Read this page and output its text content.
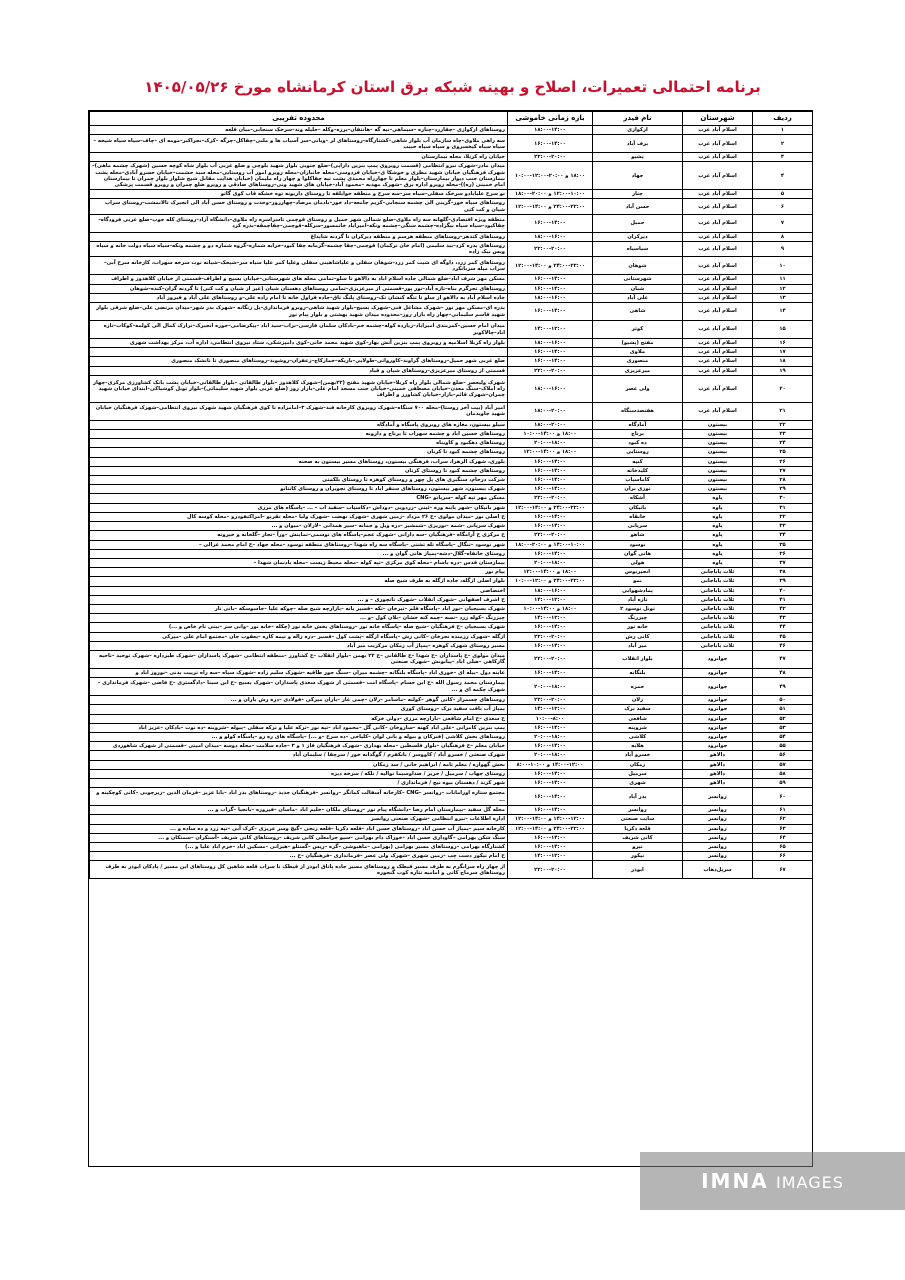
برنامه احتمالی تعمیرات، اصلاح و بهینه شبکه برق استان کرمانشاه مورخ ۱۴۰۵/۰۵/۲۶
ردیف	شهرستان	نام فیدر	بازه زمانی خاموشی	محدوده تقریبی
۱	اسلام آباد غرب	ارکوازی	۱۸:۰۰-۱۴:۰۰	روستاهای ارکوازی –چقاررد–چناره –سیماهی–نیه گه –هانتقان–برزه–وکله –جلیله وند–سرخک سنجابی–میان قلعه
۲	اسلام آباد غرب	برف آباد	۱۶:۰۰-۱۴:۰۰	سه راهی ملاوی–چاه سازمان آب بلوار شاهی–کشتارگاه–روستاهای لر –وبانی–سر آسیاب ها و ملتی–چقاکل–چرگه –کرک–نجراکبر–مومه ای –چاف–سیاه سیاه شیخه –سیاه سیاه کیخسروی و سیاه سیاه حبیب
۳	اسلام آباد غرب	پشیو	۲۲:۰۰-۲۰:۰۰	خیابان راه کربلا، محله بیمارستان
۴	اسلام آباد غرب	جهاد	۱۸:۰۰ و ۲۰:۰۰-۱۲:۰۰-۱۰:۰۰	میدان مادر–شهرک نیرو انتظامی (قسمت رویروی پمپ بنزین دارایی)–ضلع جنوبی بلوار شهید بلوچی و ضلع غربی آب بلوار شاه کوچه حسین (شهرک چشمه ماهی)–شهرک فرهنگیان خیابان شهید مطری و خوشکا ی–خیابان فردوسی–محله جانبازان–محله رویرو امور آب روستایی–محله سید حشمت–خیابان خسرو آبادی–محله پشت بیمارستان جنب دیوار بیمارستان–بلوار معلم تا چهارراه محمدی پشت تپه چقاکلوا و چهار راه ملیمان (خیابان هدایت مقابل شیخ شلوار بلوار چمران تا بیمارستان امام خمینی (ره))–محله رویرو اداره برق –شهرک مهدیه –محمود آباد–خیابان های شهید ونی–روستاهای صادقی و رویرو ضلع چمران و رویرو قسمت پزشکی
۵	اسلام آباد غرب	چنار	۱۲:۰۰-۱۰:۰۰ و ۲۰:۰۰-۱۸:۰۰	تو سرخ علیابادو سرخک سفلی–سیاه سر–سه سرخ و منطقه خوایلقه تا روستای داریونه توه خشکه قاب کوی گاتو
۶	اسلام آباد غرب	حسن آباد	۲۴:۰۰-۲۲:۰۰ و ۱۴:۰۰-۱۲:۰۰	روستاهای سیاه خور–گرینی الی چشمه سنجابی–کریم جامعه–داد خور–بادمان مرصاد–چهارزور–وحدت و روستای حسن آباد الی انجیرک تالانمشت–روستای سراب شیان و کت کنی
۷	اسلام آباد غرب	حمیل	۱۶:۰۰-۱۴:۰۰	منطقه ویژه اقتصادی–گلهانه سه راه ملاوی–ضلع شمالی شهر حمیل و روستای قوچمی تاسراسره راه ملاوی–دانشگاه آزاد–روستای کله جوب–ضلع غربی فرودگاه–چقاکبود–سیاه سیاه بیگزاده–چشمه سنگی–چشمه ونکه–امیراباد خانمسور–سرکله–قوچمی–چقاچمقه–بدره کرد
۸	اسلام آباد غرب	دیرکران	۱۸:۰۰-۱۶:۰۰	روستاهای کندهر–روستاهای منطقه هرسم و منطقه دیرکران تا گردنه شاپداغ
۹	اسلام آباد غرب	سیاسیاه	۲۲:۰۰-۲۰:۰۰	روستاهای بدره کرد–بید سلیمی (امام خان ترکمان) قوچمی–چقا چشمه–گرمابه چقا کبود–خرابه شماره–گروه شماره دو و چشمه ونکه–سیاه سیاه دولت خانه و سیاه ویس بیک زاده
۱۰	اسلام آباد غرب	شوهان	۲۴:۰۰-۲۲:۰۰ و ۱۴:۰۰-۱۲:۰۰	روستاهای کمر زرد، داوگه ای شیت کمر زرد–شوهان سفلی و علیاشاهینی سفلی وعلیا کمر علیا سیاه سر–شیخک–شیانه نوت سرخه سهراب، کارخانه سرخ آبی–سراب میله سربانکرد
۱۱	اسلام آباد غرب	شهرستانی	۱۶:۰۰-۱۴:۰۰	مسکن مهر شرف اباد–ضلع شمالی جاده اسلام اباد به دالاهو تا سلو–تمامی محله های شهرستانی–خیابان بسیج و اطراف–قسمتی از خیابان کلاهدوز و اطراف
۱۲	اسلام آباد غرب	شیان	۱۶:۰۰-۱۴:۰۰	روستاهای تجرگرم بناه–تازه آباد–نور پور–قسمتی از میرعزیزی–تمامی روستاهای دهستان شیان (غیر از شیان و کت کنی) تا گردنه گران–کنده–شوهان
۱۳	اسلام آباد غرب	علی آباد	۱۸:۰۰-۱۶:۰۰	جاده اسلام آباد به دالاهو از سلو تا تنگه کنشان تک–روستای پلنگ تاق–جاده قراول خانه تا امام زاده علی–و روستاهای علی آباد و فیروز آباد
۱۴	اسلام آباد غرب	شاهی	۱۶:۰۰-۱۴:۰۰	بدره ای–مسکن مهر نور –شهرک مشاغل فنی–شهرک بسیج–بلوار شهید شاهی–روبرو فرمانداری–پل زنگانه –شهرک بدر شهر–میدان مرتضی علی–ضلع شرقی بلوار شهید قاسم سلیمانی–چهار راه بازار روز–محدوده میدان شهید بهشتی و بلوار پیام نور
۱۵	اسلام آباد غرب	کوثر	۱۴:۰۰-۱۲:۰۰	میدان امام حسین–کمربندی امیراباد–زیارده کوله–چشمه خم–بادکان سلمان فارسی–نراب–سید اباد –پیکرضامی–حوزه انجیرک–نزارک کمال الی کولمه–کوکاب–تازه اباد–چالاکوبر
۱۶	اسلام آباد غرب	مفتح (پشیو)	۱۸:۰۰-۱۶:۰۰	بلوار راه کربلا اسلامیه و روبروی پمپ بنزین آتش بهار–کوی شهید محمد خانی–کوی دامپزشکی، ستاد نیروی انتظامی، اداره آب، مرکز بهداشت شهری
۱۷	اسلام آباد غرب	ملاوی	۱۶:۰۰-۱۴:۰۰	
۱۸	اسلام آباد غرب	منصوری	۱۶:۰۰-۱۴:۰۰	ضلع غربی شهر حمیل–روستاهای گراوند–کاورواتی–طولابی–باریکه–خمازکاج–زعفران–روشوند–روستاهای منصوری تا تانشک منصوری
۱۹	اسلام آباد غرب	میرعزیزی	۲۲:۰۰-۲۰:۰۰	قسمتی از روستای میرعزیزی–روستاهای شیان و قباد
۲۰	اسلام آباد غرب	ولی عصر	۱۸:۰۰-۱۶:۰۰	شهرک ولیعصر –ضلع شمالی بلوار راه کربلا–خیابان شهید مفتح (۲۲بهمن)–شهرک کلاهدوز –بلوار طالقانی –بلوار طالقانی–خیابان پشت بانک کشاورزی مرکزی–چهار راه املاک–سنگ معدن–خیابان مصطفی خمینی–خیابان جنب مسجد امام علی–بازار روز (ضلع غربی بلوار شهید سلیمانی)–بلوار تونل کوشیاکی–ابتدای خیابان شهید چمران–شهرک قائم–بازار–خیابان کشاورز و اطراف
۲۱	اسلام آباد غرب	هفتصدستگاه	۱۸:۰۰-۲۰:۰۰	امیر آباد (بیت آخر روستا)–محله ۷۰۰ ستگاه–شهرک رویروی کارخانه قند–شهرک ۳–امامزاده تا کوی فرهنگیان شهید شهرک نیروی انتظامی–شهرک فرهنگیان خیابان شهید جاویدمان
۲۲	بیستون	آمادگاه	۱۸:۰۰-۲۰:۰۰	سیلو بیستون، مغازه های روبروی پاسگاه و آمادگاه
۲۳	بیستون	برناج	۱۸:۰۰ و ۱۴:۰۰-۱۰:۰۰	روستاهای حسین اباد و چشمه سهراب تا برناج و دارونه
۲۴	بیستون	ده کبود	۲۰:۰۰-۱۸:۰۰	روستاهای دهکبود و کاویناه
۲۵	بیستون	روستایی	۱۸:۰۰ و ۱۴:۰۰-۱۲:۰۰	روستاهای چشمه کبود تا کرنان
۲۶	بیستون	کنیه	۱۶:۰۰-۱۴:۰۰	بلوری، شهرک الزهرا، سراب، فرهنگی بیستون، روستاهای مسیر بیستون به صحنه
۲۷	بیستون	کلیدخانه	۱۶:۰۰-۱۴:۰۰	روستاهای چشمه کبود تا روستای کرنان
۲۸	بیستون	کاماسیاب	۱۶:۰۰-۱۴:۰۰	شرکت درحام، سنگبری های پل چهر و روستای کوهزه تا روستای بلکمتی
۲۹	بیستون	نوزی بران	۱۶:۰۰-۱۴:۰۰	شهرک بیستون، شهر بیستون، روستاهای سنقر اباد تا روستای نجوبران و روستای کانتانو
۳۰	پاوه	آشکاه	۲۲:۰۰-۲۰:۰۰	مسکن مهر تپه کوله –سرپانو –CNG
۳۱	پاوه	بانیکان	۲۴:۰۰-۲۲:۰۰ و ۱۴:۰۰-۱۲:۰۰	شهر بانیکان –شهر باینه وره –ئینی –زردویی –دوداش –دکاسیاب –سفید اب – ... –پاسگاه های مرزی
۳۲	پاوه	خانقاه	۱۶:۰۰-۱۴:۰۰	خ اصلی نور –میدان مولوی –خ ۲۶ مرداد –زمین شهری –شهرک نهضت –شهرک ولیا –محله تقرنو –امراکنفودرو –محله کوسه کال
۳۳	پاوه	سرپانی	۱۶:۰۰-۱۴:۰۰	شهرک سرپانی –شمه –نوریزی –شمشیر –دره ویل و جمانه –سیر همدانی –لارلان –میوان و ...
۳۴	پاوه	شاهو	۲۲:۰۰-۲۰:۰۰	خ مرکزی خ آرامگاه –فرهنگیان –سه دارانی –شهرک عجم–پاسگاه های نوسمی–نماینش –ورآ –نجار –گلخانه و خیرونه
۳۵	پاوه	نوسود	۱۴:۰۰-۱۰:۰۰ و ۲۰:۰۰-۱۸:۰۰	شهر نوسود –تنگال –پاسگاه تله تشتی –پاسگاه سه راه شهدا –روستاهای منطقه نوسود –محله جهاد –خ امام محمد غزالی –
۳۶	پاوه	هانی گوان	۱۶:۰۰-۱۴:۰۰	روستای خانقاه–گلال–دشه–پمپاژ هانی گوان و ...
۳۷	پاوه	هولی	۲۰:۰۰-۱۸:۰۰	بیمارستان قدس –دره باسام –محله کوی مرکزی –تپه کوله –محله محیط زیست –محله بادنمان شهدا –
۳۸	ثلاث باباجانی	انجیرنوس	۱۸:۰۰ و ۱۴:۰۰-۱۲:۰۰	پیام نور
۳۹	ثلاث باباجانی	بمو	۲۴:۰۰-۲۲:۰۰ و ۱۲:۰۰-۱۰:۰۰	بلوار اصلی ازگله، جاده ازگله به طرف شیخ صله
۴۰	ثلاث باباجانی	پمادشهوابی	۱۸:۰۰-۱۶:۰۰	اختصاصی
۴۱	ثلاث باباجانی	تازه آباد	۱۴:۰۰-۱۲:۰۰	خ اشرف اصفهانی –شهرک انقلاب –شهرک تاتچوری – و ...
۴۲	ثلاث باباجانی	تونل نوسود ۲	۱۸:۰۰ و ۱۴:۰۰-۱۰:۰۰	شهرک بسیجیان –نور اباد –پاسگاه قلم –تیرخان –تکه –قسیر بانه –بازارچه شیخ صله –چوکه عليا –جاسوسکه –بانی نار
۴۳	ثلاث باباجانی	چیزرنگ	۱۴:۰۰-۱۲:۰۰	چیزرنگ –کوله زرد –نسه –چمه کنه خشان –بلان کول –و ...
۴۴	ثلاث باباجانی	خانه نور	۱۶:۰۰-۱۴:۰۰	شهرک بسیجیان –خ فرهنگیان –شیخ صله –پاسگاه خانه نور –روستاهای بخش خانه نور (چکله –خانه نور –وانی سر –بینی نام خاص و ...)
۴۵	ثلاث باباجانی	کانی رش	۲۲:۰۰-۲۰:۰۰	ازگله –شهرک رزمنده نجرخان –کانی رش –پاسگاه ازگله –پشت کول –قسیر –دره زاله و تیمه کاره –یعقوب جان –مجتمع امام علی –میرکی
۴۶	ثلاث باباجانی	میر آباد	۱۶:۰۰-۱۴:۰۰	مسیر روستای شهرک کوهره –پمپاژ آب زمکان مرکزیت میر آباد
۴۷	جوانرود	بلوار انقلاب	۲۲:۰۰-۲۰:۰۰	میدان مولوی –خ پاسداران –خ شهدا –خ طالقانی –خ ۲۲ بهمن –بلوار انقلاب –خ کشاورز –منطقه انتظامی –شهرک پاسداران –شهرک طبرداره –شهرک توحید –ناحیه گاركاهی –صلى اباد –پیانونش –شهرک صنعتی
۴۸	جوانرود	بلنگانه	۱۶:۰۰-۱۴:۰۰	عابنه دول –بیله ای –خوری اباد –پاسگاه بلنگانه –چشمه میران –سنگ جور طاقیه –شهرک سلیم زاده –شهرک سیاه –سه راه تربیت بدنی –نوروز اباد و
۴۹	جوانرود	حمزه	۲۰:۰۰-۱۸:۰۰	بیمارستان محمد رسول الله –خ ابن حسام –پاسگاه امت –قسمتی از شهرک سعدی پاسداران –شهرک بسیج –خ ابن سینا –دادگستری –خ فاضی –شهرک فرمانداری –شهرک چکمه ای و ...
۵۰	جوانرود	زلان	۲۲:۰۰-۲۰:۰۰	روستاهای چسمراز –کانی گوهر –کولنه –ماسامر –زلان –چمی غار –باران میرکی –فولادی –دره رش باران و ...
۵۱	جوانرود	سفید برک	۱۴:۰۰-۱۲:۰۰	پمپاژ آب بافت سفید برک –روستای کوری
۵۲	جوانرود	شافعی	۱۰:۰۰-۸:۰۰	خ سعدی –خ امام شافعی –بازارچه مرزی –دولی خرکه
۵۳	جوانرود	شروینه	۱۶:۰۰-۱۴:۰۰	پمپ بنزین کامرانی –علی اباد کهنه –ساروخان –کانی گل –محمود اباد –تپه نور –ترکه عليا و ترکه سفلی –بیوله –شروینه –ده نوت –بادکان –عزیز اباد
۵۴	جوانرود	کلاشی	۲۰:۰۰-۱۸:۰۰	روستاهای بخش کلاشی (فنرکان و بیوله و بانی لوان –کلیاخی –ده سرخ –و ...) –پاسگاه های ره رو –پاسگاه کولو و ...
۵۵	جوانرود	هلایه	۱۶:۰۰-۱۴:۰۰	خیابان معلم –خ فرهنگیان –بلوار فلسطین –محله بهداری –شهرک فرهنگیان فاز ۱ و ۳ –جاده سلامت –محله دوسه –میدان امینی –قسمتی از شهرک شاهوردی
۵۶	دالاهو	خسرو آباد	۲۰:۰۰-۱۸:۰۰	شهرک صنعتی / خسرو آباد / کاووسر / بانکفرم / گوگدانه خور / سرچقا / سلیمان آباد
۵۷	دالاهو	زمکان	۱۴:۰۰-۱۲:۰۰ و ۱۰:۰۰-۸:۰۰	بخش گهواره / معلم تامه / ابراهیم خانی / سد زمکان
۵۸	دالاهو	سرمیل	۱۶:۰۰-۱۴:۰۰	روستای چهاب / سرمیل / حریر / صداوسیما توالیه / تلکه / سرخه دیزه
۵۹	دالاهو	شهری	۱۶:۰۰-۱۴:۰۰	شهر کرند / دهستان بیوه نیج / فرمانداری /
۶۰	روانسر	بدر آباد	۱۶:۰۰-۱۴:۰۰	مجتمع ستاره اورامانات –روانسر –CNG –کارخانه آسفالت کمانگر –روانسر –فرهنگیان جدید –روستاهای بدر اباد –بابا عزیز –فرمان الدین –زیرجوبی –کانی کوچکینه و ...
۶۱	روانسر	روانسر	۱۶:۰۰-۱۴:۰۰	محله گل سفید –بیمارستان امام رضا –دانشگاه پیام نور –روستای ملکان –خلیم اباد –ماسان –فیروزه –بانجیا –گراب و ...
۶۲	روانسر	سایت صنعتی	۱۴:۰۰-۱۲:۰۰ و ۱۴:۰۰-۱۲:۰۰	اداره اطلاعات –نیرو انتظامی –شهرک صنعتی روانسر
۶۳	روانسر	قلعه ذکریا	۲۴:۰۰-۲۲:۰۰ و ۱۴:۰۰-۱۲:۰۰	کارخانه سیم –پمپاژ آب حسن اباد –روستاهای حسن اباد –قلعه ذکریا –قلعه زنجی –گیچ وسر عزیزی –کرک آبی –تپه زرد و ده ساده و ...
۶۴	روانسر	کانی شریف	۱۶:۰۰-۱۴:۰۰	سنگ شکن بهرامی –گاوداری حسن اباد –خوراک دام بهرامی –سپو جرامعلی کانی شریف –روستاهای کانی شریف –آسنکران –سمتکان و ...
۶۵	روانسر	نیرو	۱۶:۰۰-۱۴:۰۰	کشتارگاه بهرامی –روستاهای مسیر بهرامی (بهرامی –ماهبوشی –گره –ریس –گستلو –هیرانی –مسکین اباد –خرم اباد عليا و ...)
۶۶	روانسر	نیکور	۱۴:۰۰-۱۲:۰۰	خ امام نیکور دست چپ –زمین شهری –شهرک ولی عصر –فرمانداری –فرهنگیان –خ ...
۶۷	سرپل‌ذهاب	ابوذر	۲۲:۰۰-۲۰:۰۰	از چهار راه سرابگرم به طرف مسیر قیطک و روستاهای مسیر جاده پاتاق ابوذر از قیطک تا سراب قلعه شاهین کل روستاهای این مسیر / پادکان ابوذر به طرف روستاهای سرماج کانی و امامیه نتاره کوب گنجوره
IMNA IMAGES
